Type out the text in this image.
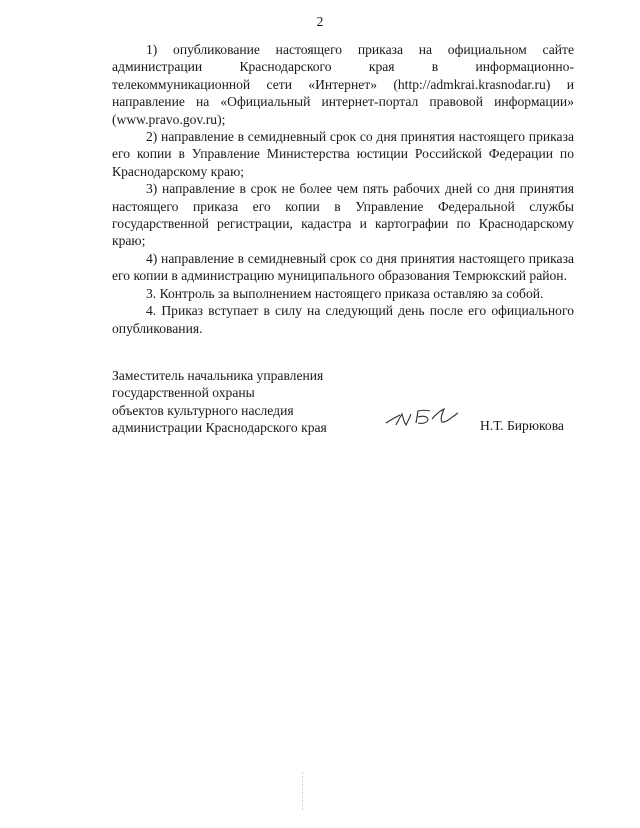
2

1) опубликование настоящего приказа на официальном сайте администрации Краснодарского края в информационно-телекоммуникационной сети «Интернет» (http://admkrai.krasnodar.ru) и направление на «Официальный интернет-портал правовой информации» (www.pravo.gov.ru);

2) направление в семидневный срок со дня принятия настоящего приказа его копии в Управление Министерства юстиции Российской Федерации по Краснодарскому краю;

3) направление в срок не более чем пять рабочих дней со дня принятия настоящего приказа его копии в Управление Федеральной службы государственной регистрации, кадастра и картографии по Краснодарскому краю;

4) направление в семидневный срок со дня принятия настоящего приказа его копии в администрацию муниципального образования Темрюкский район.

3. Контроль за выполнением настоящего приказа оставляю за собой.

4. Приказ вступает в силу на следующий день после его официального опубликования.

Заместитель начальника управления
государственной охраны
объектов культурного наследия
администрации Краснодарского края	Н.Т. Бирюкова
